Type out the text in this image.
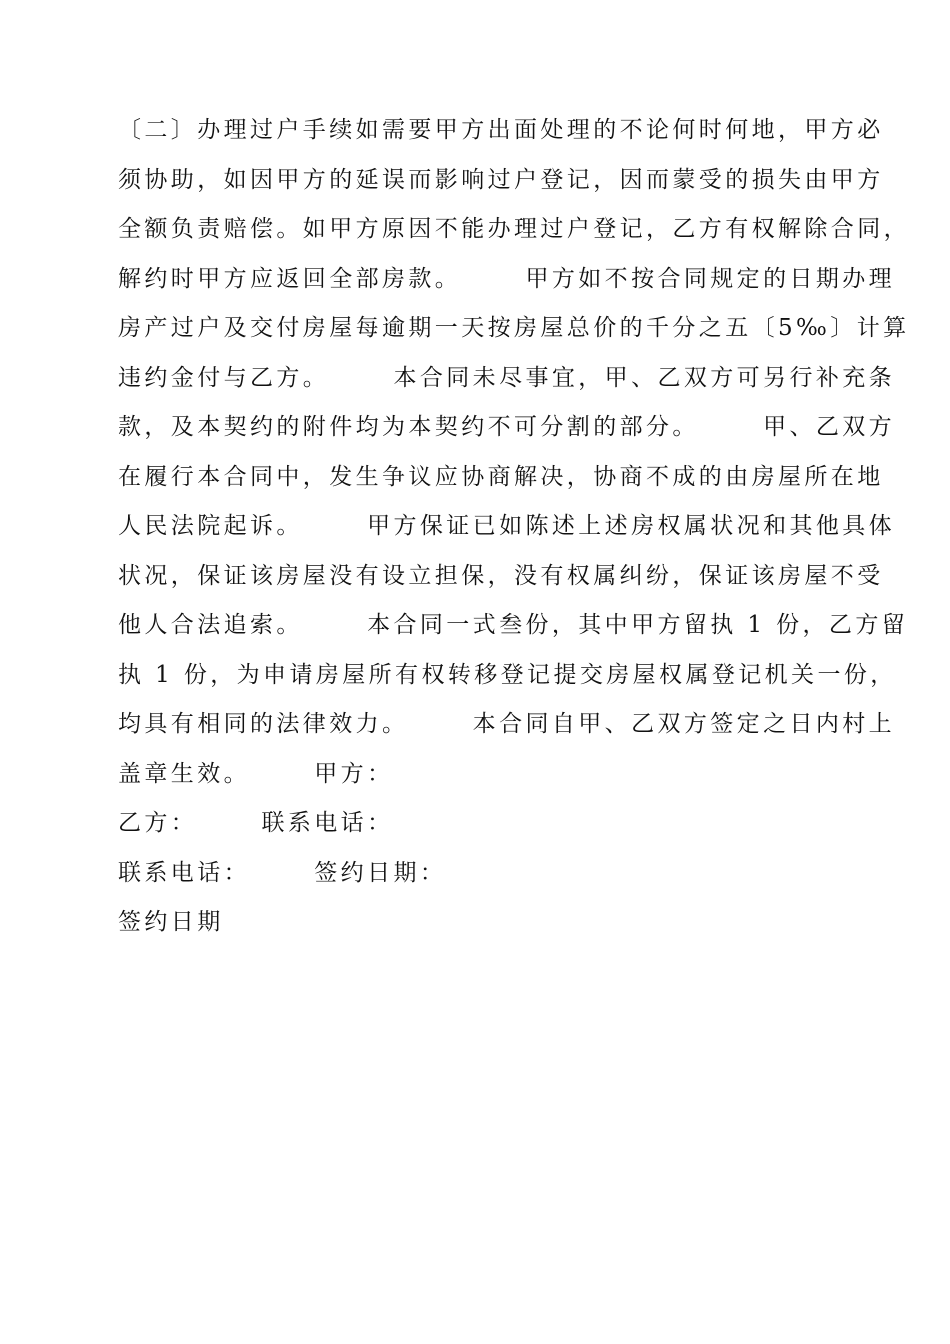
〔二〕办理过户手续如需要甲方出面处理的不论何时何地，甲方必
须协助，如因甲方的延误而影响过户登记，因而蒙受的损失由甲方
全额负责赔偿。如甲方原因不能办理过户登记，乙方有权解除合同，
解约时甲方应返回全部房款。      甲方如不按合同规定的日期办理
房产过户及交付房屋每逾期一天按房屋总价的千分之五〔5‰〕计算
违约金付与乙方。      本合同未尽事宜，甲、乙双方可另行补充条
款，及本契约的附件均为本契约不可分割的部分。      甲、乙双方
在履行本合同中，发生争议应协商解决，协商不成的由房屋所在地
人民法院起诉。      甲方保证已如陈述上述房权属状况和其他具体
状况，保证该房屋没有设立担保，没有权属纠纷，保证该房屋不受
他人合法追索。      本合同一式叁份，其中甲方留执 1 份，乙方留
执 1 份，为申请房屋所有权转移登记提交房屋权属登记机关一份，
均具有相同的法律效力。      本合同自甲、乙双方签定之日内村上
盖章生效。      甲方：
乙方：      联系电话：
联系电话：      签约日期：
签约日期
